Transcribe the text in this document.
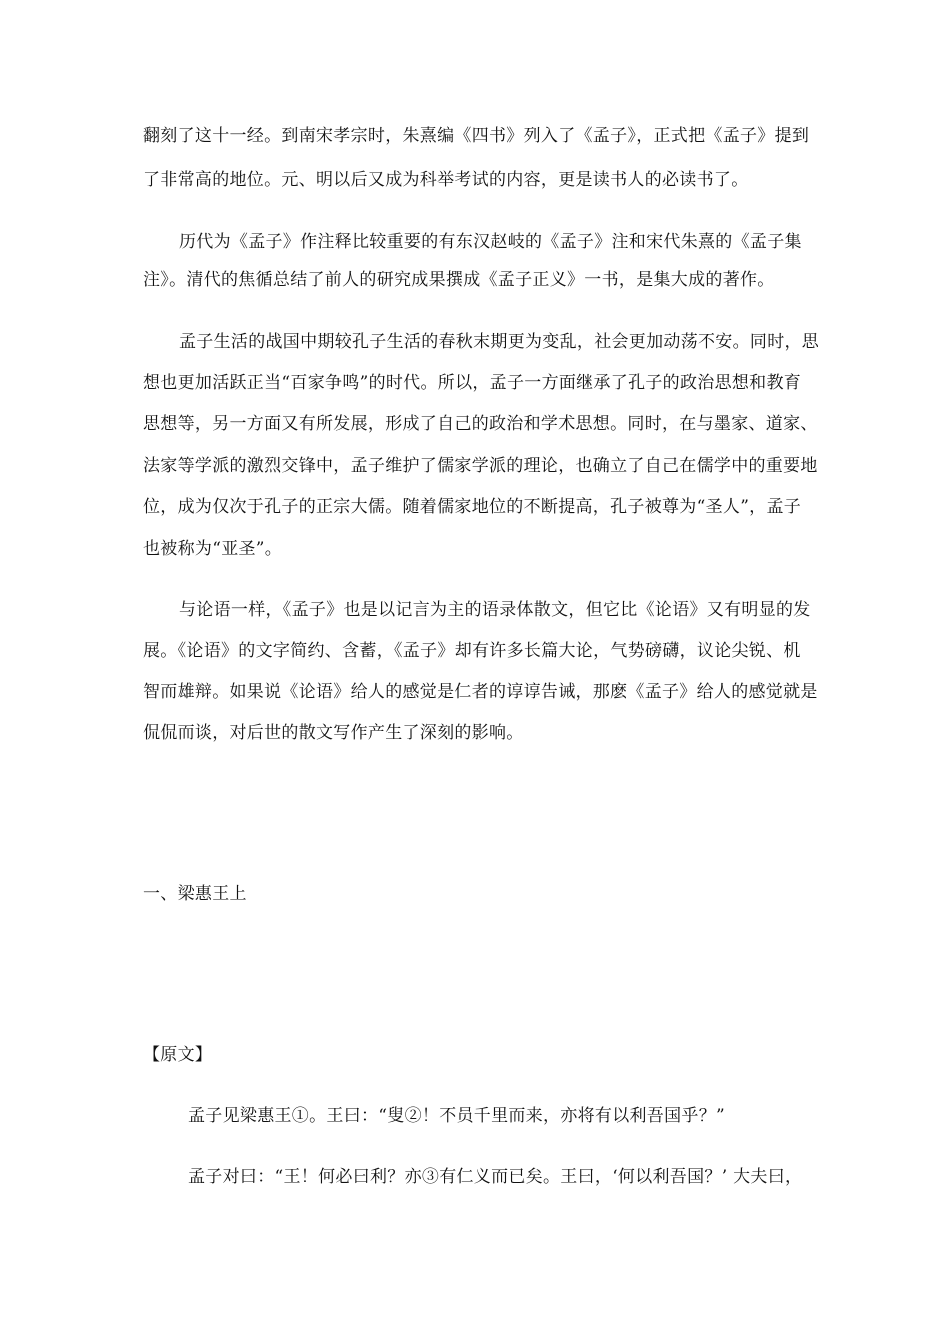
翻刻了这十一经。到南宋孝宗时，朱熹编《四书》列入了《孟子》，正式把《孟子》提到
了非常高的地位。元、明以后又成为科举考试的内容，更是读书人的必读书了。
历代为《孟子》作注释比较重要的有东汉赵岐的《孟子》注和宋代朱熹的《孟子集
注》。清代的焦循总结了前人的研究成果撰成《孟子正义》一书，是集大成的著作。
孟子生活的战国中期较孔子生活的春秋末期更为变乱，社会更加动荡不安。同时，思
想也更加活跃正当“百家争鸣”的时代。所以，孟子一方面继承了孔子的政治思想和教育
思想等，另一方面又有所发展，形成了自己的政治和学术思想。同时，在与墨家、道家、
法家等学派的激烈交锋中，孟子维护了儒家学派的理论，也确立了自己在儒学中的重要地
位，成为仅次于孔子的正宗大儒。随着儒家地位的不断提高，孔子被尊为“圣人”，孟子
也被称为“亚圣”。
与论语一样，《孟子》也是以记言为主的语录体散文，但它比《论语》又有明显的发
展。《论语》的文字简约、含蓄，《孟子》却有许多长篇大论，气势磅礴，议论尖锐、机
智而雄辩。如果说《论语》给人的感觉是仁者的谆谆告诫，那麽《孟子》给人的感觉就是
侃侃而谈，对后世的散文写作产生了深刻的影响。
一、梁惠王上
【原文】
孟子见梁惠王①。王曰：“叟②！不员千里而来，亦将有以利吾国乎？”
孟子对曰：“王！何必曰利？亦③有仁义而已矣。王曰，‘何以利吾国？’ 大夫曰，
